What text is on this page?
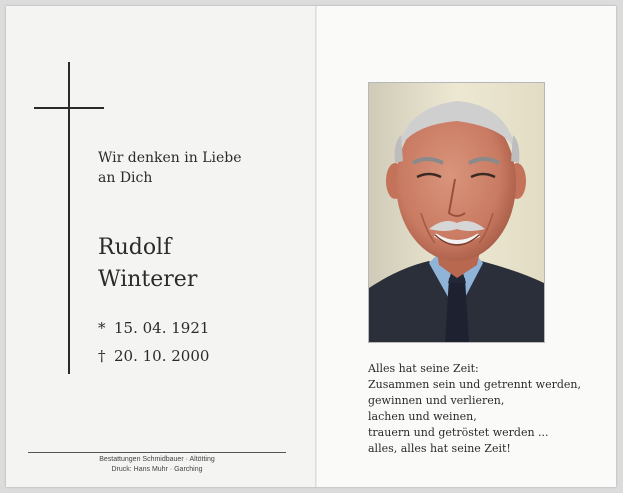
Wir denken in Liebe
an Dich

Rudolf
Winterer
* 15. 04. 1921
† 20. 10. 2000
Bestattungen Schmidbauer · Altötting
Druck: Hans Muhr · Garching
Alles hat seine Zeit:
Zusammen sein und getrennt werden,
gewinnen und verlieren,
lachen und weinen,
trauern und getröstet werden ...
alles, alles hat seine Zeit!
